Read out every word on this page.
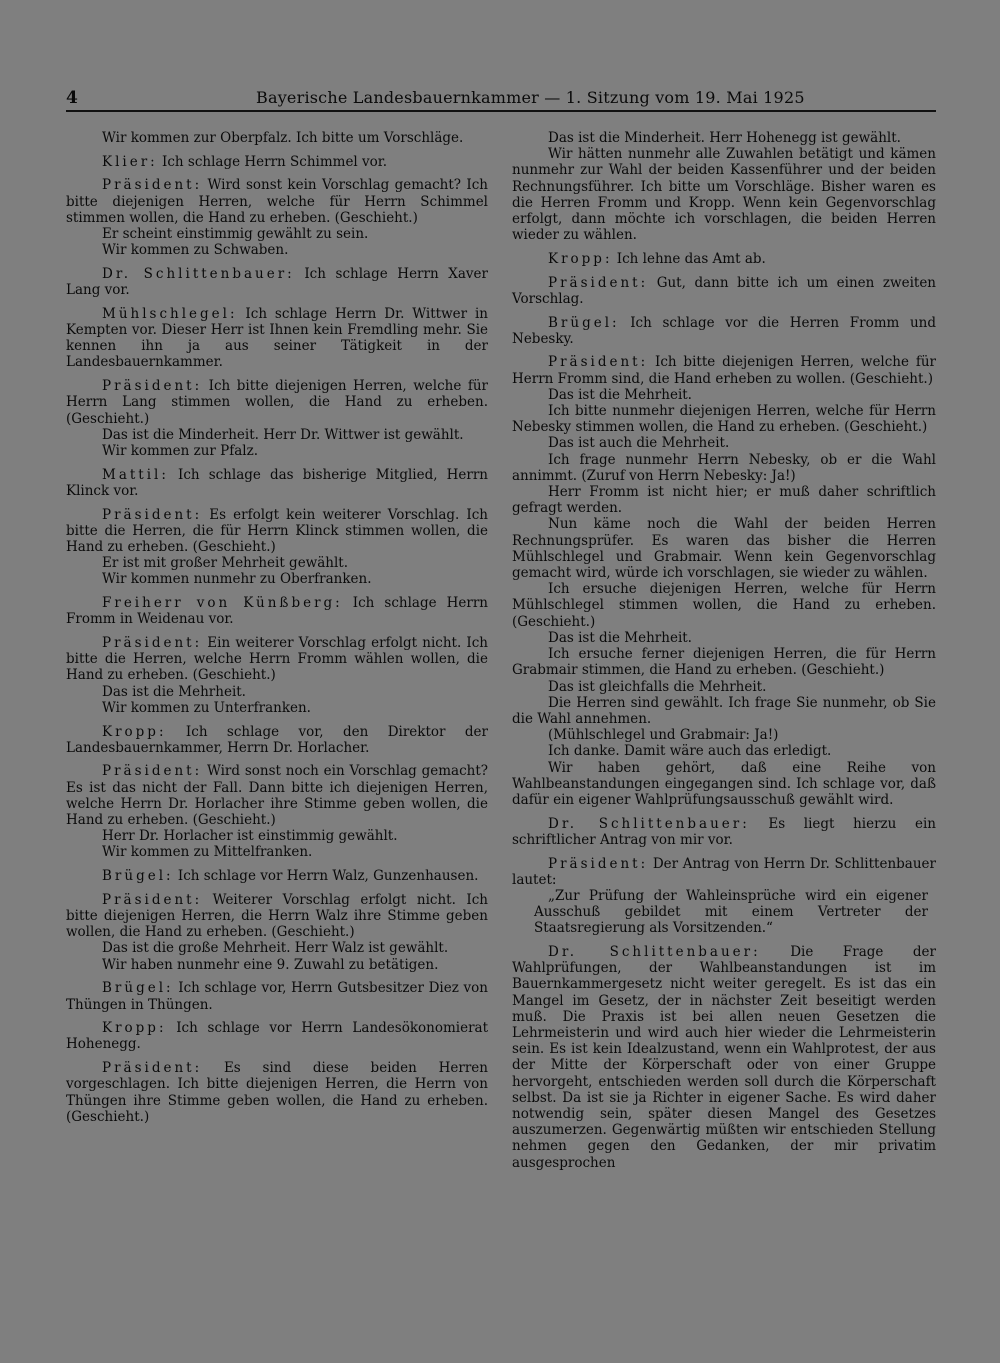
4	Bayerische Landesbauernkammer — 1. Sitzung vom 19. Mai 1925

Wir kommen zur Oberpfalz. Ich bitte um Vorschläge.

Klier: Ich schlage Herrn Schimmel vor.

Präsident: Wird sonst kein Vorschlag gemacht? Ich bitte diejenigen Herren, welche für Herrn Schimmel stimmen wollen, die Hand zu erheben. (Geschieht.)

Er scheint einstimmig gewählt zu sein.

Wir kommen zu Schwaben.

Dr. Schlittenbauer: Ich schlage Herrn Xaver Lang vor.

Mühlschlegel: Ich schlage Herrn Dr. Wittwer in Kempten vor. Dieser Herr ist Ihnen kein Fremdling mehr. Sie kennen ihn ja aus seiner Tätigkeit in der Landesbauernkammer.

Präsident: Ich bitte diejenigen Herren, welche für Herrn Lang stimmen wollen, die Hand zu erheben. (Geschieht.)

Das ist die Minderheit. Herr Dr. Wittwer ist gewählt.

Wir kommen zur Pfalz.

Mattil: Ich schlage das bisherige Mitglied, Herrn Klinck vor.

Präsident: Es erfolgt kein weiterer Vorschlag. Ich bitte die Herren, die für Herrn Klinck stimmen wollen, die Hand zu erheben. (Geschieht.)

Er ist mit großer Mehrheit gewählt.

Wir kommen nunmehr zu Oberfranken.

Freiherr von Künßberg: Ich schlage Herrn Fromm in Weidenau vor.

Präsident: Ein weiterer Vorschlag erfolgt nicht. Ich bitte die Herren, welche Herrn Fromm wählen wollen, die Hand zu erheben. (Geschieht.)

Das ist die Mehrheit.

Wir kommen zu Unterfranken.

Kropp: Ich schlage vor, den Direktor der Landesbauernkammer, Herrn Dr. Horlacher.

Präsident: Wird sonst noch ein Vorschlag gemacht? Es ist das nicht der Fall. Dann bitte ich diejenigen Herren, welche Herrn Dr. Horlacher ihre Stimme geben wollen, die Hand zu erheben. (Geschieht.)

Herr Dr. Horlacher ist einstimmig gewählt.

Wir kommen zu Mittelfranken.

Brügel: Ich schlage vor Herrn Walz, Gunzenhausen.

Präsident: Weiterer Vorschlag erfolgt nicht. Ich bitte diejenigen Herren, die Herrn Walz ihre Stimme geben wollen, die Hand zu erheben. (Geschieht.)

Das ist die große Mehrheit. Herr Walz ist gewählt.

Wir haben nunmehr eine 9. Zuwahl zu betätigen.

Brügel: Ich schlage vor, Herrn Gutsbesitzer Diez von Thüngen in Thüngen.

Kropp: Ich schlage vor Herrn Landesökonomierat Hohenegg.

Präsident: Es sind diese beiden Herren vorgeschlagen. Ich bitte diejenigen Herren, die Herrn von Thüngen ihre Stimme geben wollen, die Hand zu erheben. (Geschieht.)

Das ist die Minderheit. Herr Hohenegg ist gewählt.

Wir hätten nunmehr alle Zuwahlen betätigt und kämen nunmehr zur Wahl der beiden Kassenführer und der beiden Rechnungsführer. Ich bitte um Vorschläge. Bisher waren es die Herren Fromm und Kropp. Wenn kein Gegenvorschlag erfolgt, dann möchte ich vorschlagen, die beiden Herren wieder zu wählen.

Kropp: Ich lehne das Amt ab.

Präsident: Gut, dann bitte ich um einen zweiten Vorschlag.

Brügel: Ich schlage vor die Herren Fromm und Nebesky.

Präsident: Ich bitte diejenigen Herren, welche für Herrn Fromm sind, die Hand erheben zu wollen. (Geschieht.)

Das ist die Mehrheit.

Ich bitte nunmehr diejenigen Herren, welche für Herrn Nebesky stimmen wollen, die Hand zu erheben. (Geschieht.)

Das ist auch die Mehrheit.

Ich frage nunmehr Herrn Nebesky, ob er die Wahl annimmt. (Zuruf von Herrn Nebesky: Ja!)

Herr Fromm ist nicht hier; er muß daher schriftlich gefragt werden.

Nun käme noch die Wahl der beiden Herren Rechnungsprüfer. Es waren das bisher die Herren Mühlschlegel und Grabmair. Wenn kein Gegenvorschlag gemacht wird, würde ich vorschlagen, sie wieder zu wählen.

Ich ersuche diejenigen Herren, welche für Herrn Mühlschlegel stimmen wollen, die Hand zu erheben. (Geschieht.)

Das ist die Mehrheit.

Ich ersuche ferner diejenigen Herren, die für Herrn Grabmair stimmen, die Hand zu erheben. (Geschieht.)

Das ist gleichfalls die Mehrheit.

Die Herren sind gewählt. Ich frage Sie nunmehr, ob Sie die Wahl annehmen.

(Mühlschlegel und Grabmair: Ja!)

Ich danke. Damit wäre auch das erledigt.

Wir haben gehört, daß eine Reihe von Wahlbeanstandungen eingegangen sind. Ich schlage vor, daß dafür ein eigener Wahlprüfungsausschuß gewählt wird.

Dr. Schlittenbauer: Es liegt hierzu ein schriftlicher Antrag von mir vor.

Präsident: Der Antrag von Herrn Dr. Schlittenbauer lautet:

„Zur Prüfung der Wahleinsprüche wird ein eigener Ausschuß gebildet mit einem Vertreter der Staatsregierung als Vorsitzenden.“

Dr. Schlittenbauer: Die Frage der Wahlprüfungen, der Wahlbeanstandungen ist im Bauernkammergesetz nicht weiter geregelt. Es ist das ein Mangel im Gesetz, der in nächster Zeit beseitigt werden muß. Die Praxis ist bei allen neuen Gesetzen die Lehrmeisterin und wird auch hier wieder die Lehrmeisterin sein. Es ist kein Idealzustand, wenn ein Wahlprotest, der aus der Mitte der Körperschaft oder von einer Gruppe hervorgeht, entschieden werden soll durch die Körperschaft selbst. Da ist sie ja Richter in eigener Sache. Es wird daher notwendig sein, später diesen Mangel des Gesetzes auszumerzen. Gegenwärtig müßten wir entschieden Stellung nehmen gegen den Gedanken, der mir privatim ausgesprochen
